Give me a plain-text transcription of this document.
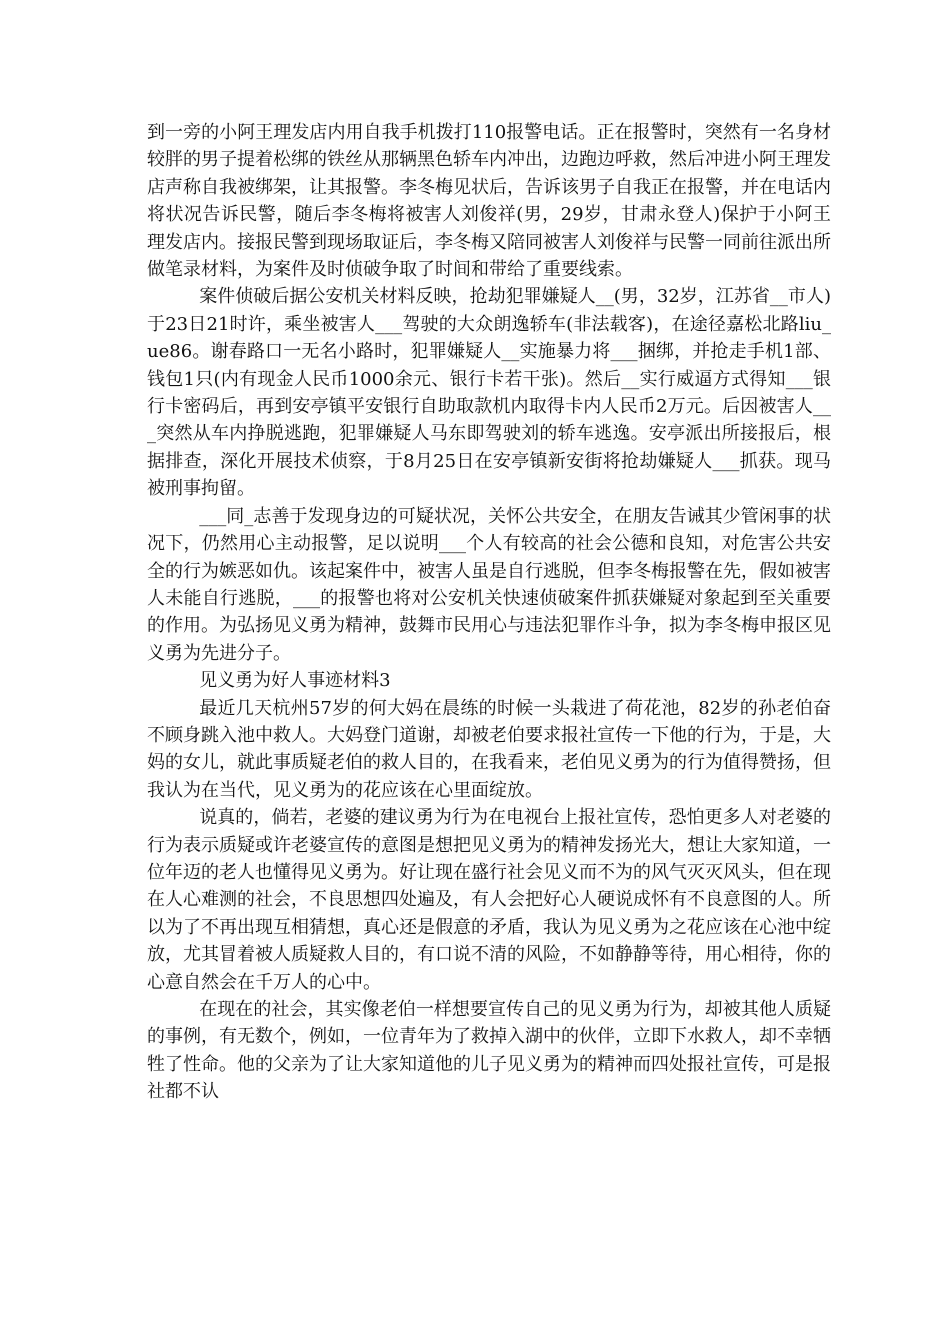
到一旁的小阿王理发店内用自我手机拨打110报警电话。正在报警时，突然有一名身材较胖的男子提着松绑的铁丝从那辆黑色轿车内冲出，边跑边呼救，然后冲进小阿王理发店声称自我被绑架，让其报警。李冬梅见状后，告诉该男子自我正在报警，并在电话内将状况告诉民警，随后李冬梅将被害人刘俊祥(男，29岁，甘肃永登人)保护于小阿王理发店内。接报民警到现场取证后，李冬梅又陪同被害人刘俊祥与民警一同前往派出所做笔录材料，为案件及时侦破争取了时间和带给了重要线索。

案件侦破后据公安机关材料反映，抢劫犯罪嫌疑人__(男，32岁，江苏省__市人)于23日21时许，乘坐被害人___驾驶的大众朗逸轿车(非法载客)，在途径嘉松北路liu_ue86。谢春路口一无名小路时，犯罪嫌疑人__实施暴力将___捆绑，并抢走手机1部、钱包1只(内有现金人民币1000余元、银行卡若干张)。然后__实行威逼方式得知___银行卡密码后，再到安亭镇平安银行自助取款机内取得卡内人民币2万元。后因被害人___突然从车内挣脱逃跑，犯罪嫌疑人马东即驾驶刘的轿车逃逸。安亭派出所接报后，根据排查，深化开展技术侦察，于8月25日在安亭镇新安街将抢劫嫌疑人___抓获。现马被刑事拘留。

___同_志善于发现身边的可疑状况，关怀公共安全，在朋友告诫其少管闲事的状况下，仍然用心主动报警，足以说明___个人有较高的社会公德和良知，对危害公共安全的行为嫉恶如仇。该起案件中，被害人虽是自行逃脱，但李冬梅报警在先，假如被害人未能自行逃脱，___的报警也将对公安机关快速侦破案件抓获嫌疑对象起到至关重要的作用。为弘扬见义勇为精神，鼓舞市民用心与违法犯罪作斗争，拟为李冬梅申报区见义勇为先进分子。

见义勇为好人事迹材料3

最近几天杭州57岁的何大妈在晨练的时候一头栽进了荷花池，82岁的孙老伯奋不顾身跳入池中救人。大妈登门道谢，却被老伯要求报社宣传一下他的行为，于是，大妈的女儿，就此事质疑老伯的救人目的，在我看来，老伯见义勇为的行为值得赞扬，但我认为在当代，见义勇为的花应该在心里面绽放。

说真的，倘若，老婆的建议勇为行为在电视台上报社宣传，恐怕更多人对老婆的行为表示质疑或许老婆宣传的意图是想把见义勇为的精神发扬光大，想让大家知道，一位年迈的老人也懂得见义勇为。好让现在盛行社会见义而不为的风气灭灭风头，但在现在人心难测的社会，不良思想四处遍及，有人会把好心人硬说成怀有不良意图的人。所以为了不再出现互相猜想，真心还是假意的矛盾，我认为见义勇为之花应该在心池中绽放，尤其冒着被人质疑救人目的，有口说不清的风险，不如静静等待，用心相待，你的心意自然会在千万人的心中。

在现在的社会，其实像老伯一样想要宣传自己的见义勇为行为，却被其他人质疑的事例，有无数个，例如，一位青年为了救掉入湖中的伙伴，立即下水救人，却不幸牺牲了性命。他的父亲为了让大家知道他的儿子见义勇为的精神而四处报社宣传，可是报社都不认
